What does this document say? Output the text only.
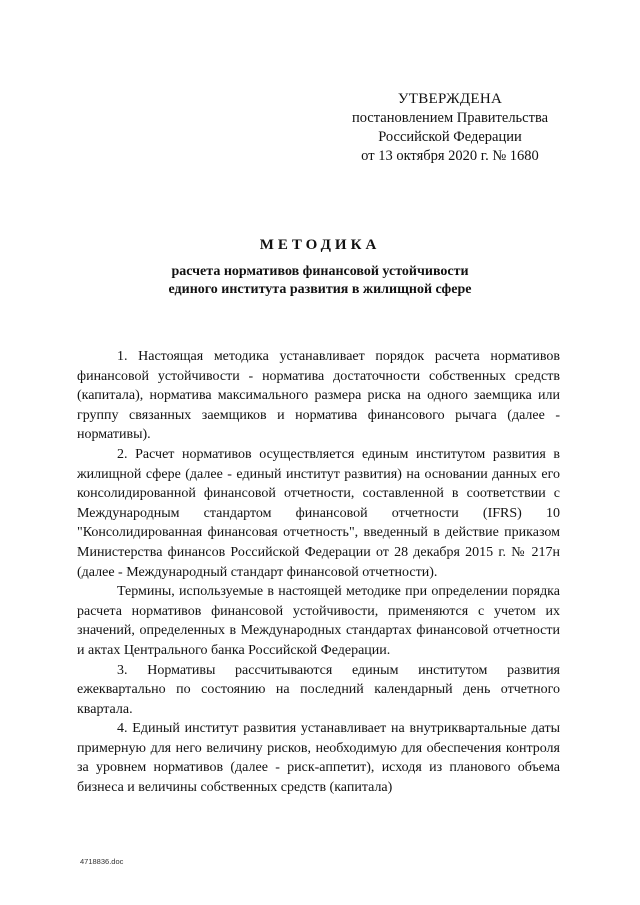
УТВЕРЖДЕНА
постановлением Правительства
Российской Федерации
от 13 октября 2020 г. № 1680
МЕТОДИКА
расчета нормативов финансовой устойчивости
единого института развития в жилищной сфере

1. Настоящая методика устанавливает порядок расчета нормативов финансовой устойчивости - норматива достаточности собственных средств (капитала), норматива максимального размера риска на одного заемщика или группу связанных заемщиков и норматива финансового рычага (далее - нормативы).

2. Расчет нормативов осуществляется единым институтом развития в жилищной сфере (далее - единый институт развития) на основании данных его консолидированной финансовой отчетности, составленной в соответствии с Международным стандартом финансовой отчетности (IFRS) 10 "Консолидированная финансовая отчетность", введенный в действие приказом Министерства финансов Российской Федерации от 28 декабря 2015 г. № 217н (далее - Международный стандарт финансовой отчетности).

Термины, используемые в настоящей методике при определении порядка расчета нормативов финансовой устойчивости, применяются с учетом их значений, определенных в Международных стандартах финансовой отчетности и актах Центрального банка Российской Федерации.

3. Нормативы рассчитываются единым институтом развития ежеквартально по состоянию на последний календарный день отчетного квартала.

4. Единый институт развития устанавливает на внутриквартальные даты примерную для него величину рисков, необходимую для обеспечения контроля за уровнем нормативов (далее - риск-аппетит), исходя из планового объема бизнеса и величины собственных средств (капитала)

4718836.doc
